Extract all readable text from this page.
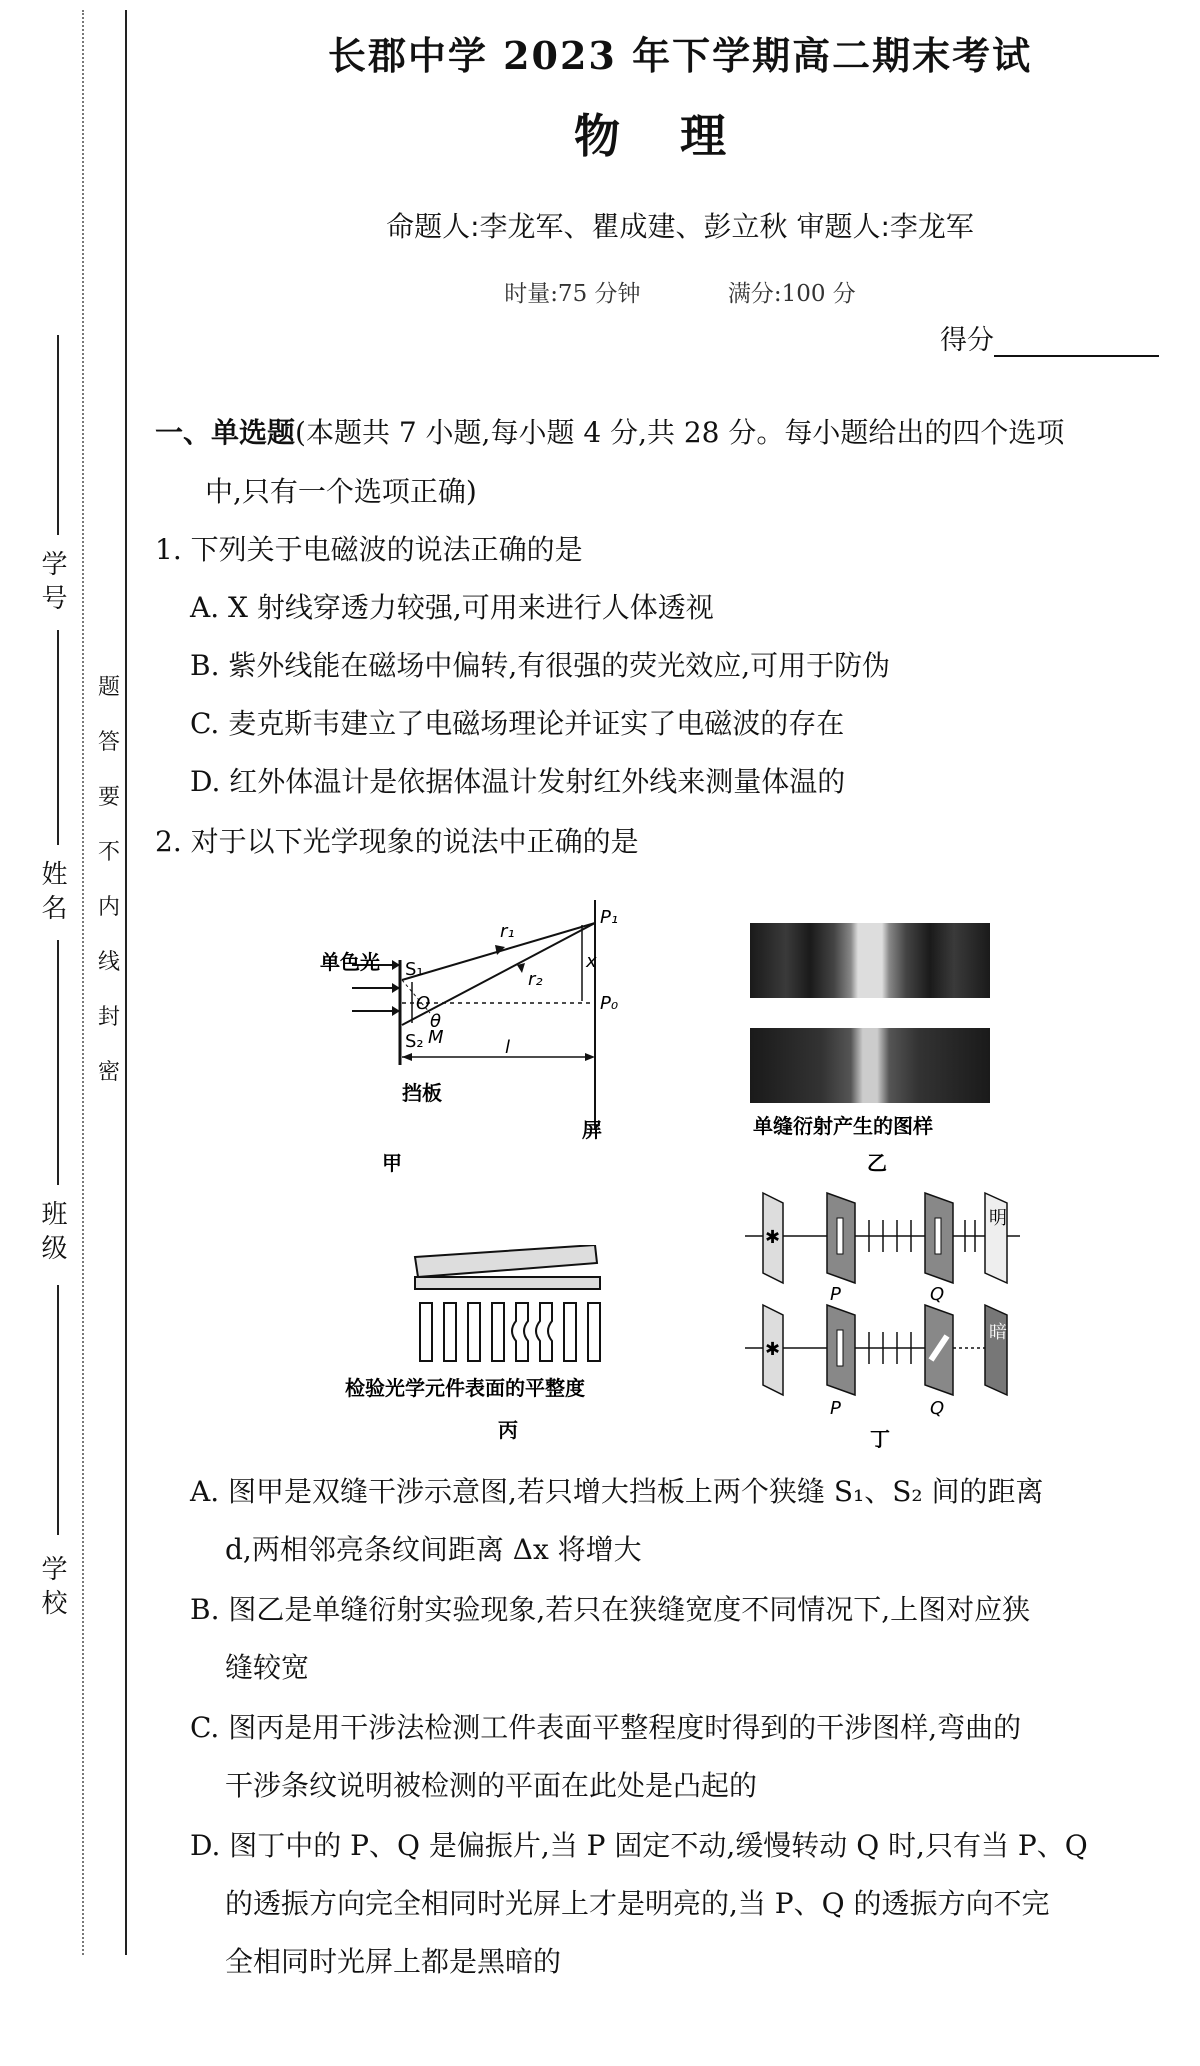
学 号
姓 名
班 级
学 校
题
答
要
不
内
线
封
密
长郡中学 2023 年下学期高二期末考试
物理
命题人:李龙军、瞿成建、彭立秋 审题人:李龙军
时量:75 分钟	满分:100 分
得分
一、单选题(本题共 7 小题,每小题 4 分,共 28 分。每小题给出的四个选项
中,只有一个选项正确)
1. 下列关于电磁波的说法正确的是
A. X 射线穿透力较强,可用来进行人体透视
B. 紫外线能在磁场中偏转,有很强的荧光效应,可用于防伪
C. 麦克斯韦建立了电磁场理论并证实了电磁波的存在
D. 红外体温计是依据体温计发射红外线来测量体温的
2. 对于以下光学现象的说法中正确的是
单色光 S₁
S₂
O
θ
M
r₁
r₂
P₁
P₀
x
l
挡板
屏
甲
单缝衍射产生的图样
乙
检验光学元件表面的平整度
丙
✱
明
P	Q
✱
暗
P	Q
丁
A. 图甲是双缝干涉示意图,若只增大挡板上两个狭缝 S₁、S₂ 间的距离
d,两相邻亮条纹间距离 Δx 将增大
B. 图乙是单缝衍射实验现象,若只在狭缝宽度不同情况下,上图对应狭
缝较宽
C. 图丙是用干涉法检测工件表面平整程度时得到的干涉图样,弯曲的
干涉条纹说明被检测的平面在此处是凸起的
D. 图丁中的 P、Q 是偏振片,当 P 固定不动,缓慢转动 Q 时,只有当 P、Q
的透振方向完全相同时光屏上才是明亮的,当 P、Q 的透振方向不完
全相同时光屏上都是黑暗的
